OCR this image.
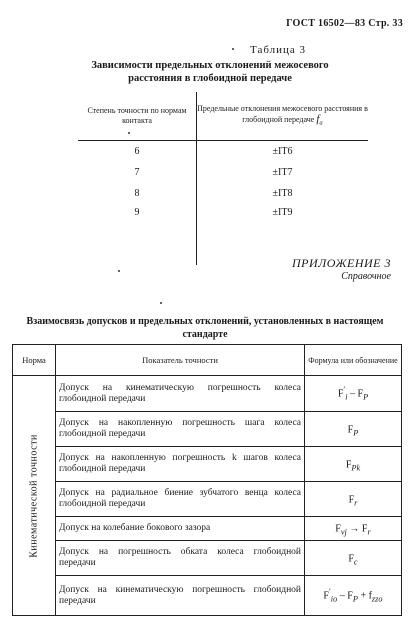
ГОСТ 16502—83 Стр. 33
Таблица 3
Зависимости предельных отклонений межосевого
расстояния в глобоидной передаче
Степень точности по нормам контакта	Предельные отклонения межосевого расстояния в глобоидной передаче $f_a$
6	±IT6
7	±IT7
8	±IT8
9	±IT9
ПРИЛОЖЕНИЕ 3
Справочное
Взаимосвязь допусков и предельных отклонений, установленных в настоящем
стандарте
Норма	Показатель точности	Формула или обозначение

Кинематической точности	Допуск на кинематическую погрешность колеса глобоидной передачи	$F'_i - F_P$
	Допуск на накопленную погрешность шага колеса глобоидной передачи	$F_P$
	Допуск на накопленную погрешность k шагов колеса глобоидной передачи	$F_{Pk}$
	Допуск на радиальное биение зубчатого венца колеса глобоидной передачи	$F_r$
	Допуск на колебание бокового зазора	$F_{vj} \to F_r$
	Допуск на погрешность обката колеса глобоидной передачи	$F_c$
	Допуск на кинематическую погрешность глобоидной передачи	$F'_{io} - F_P + f_{zzo}$
